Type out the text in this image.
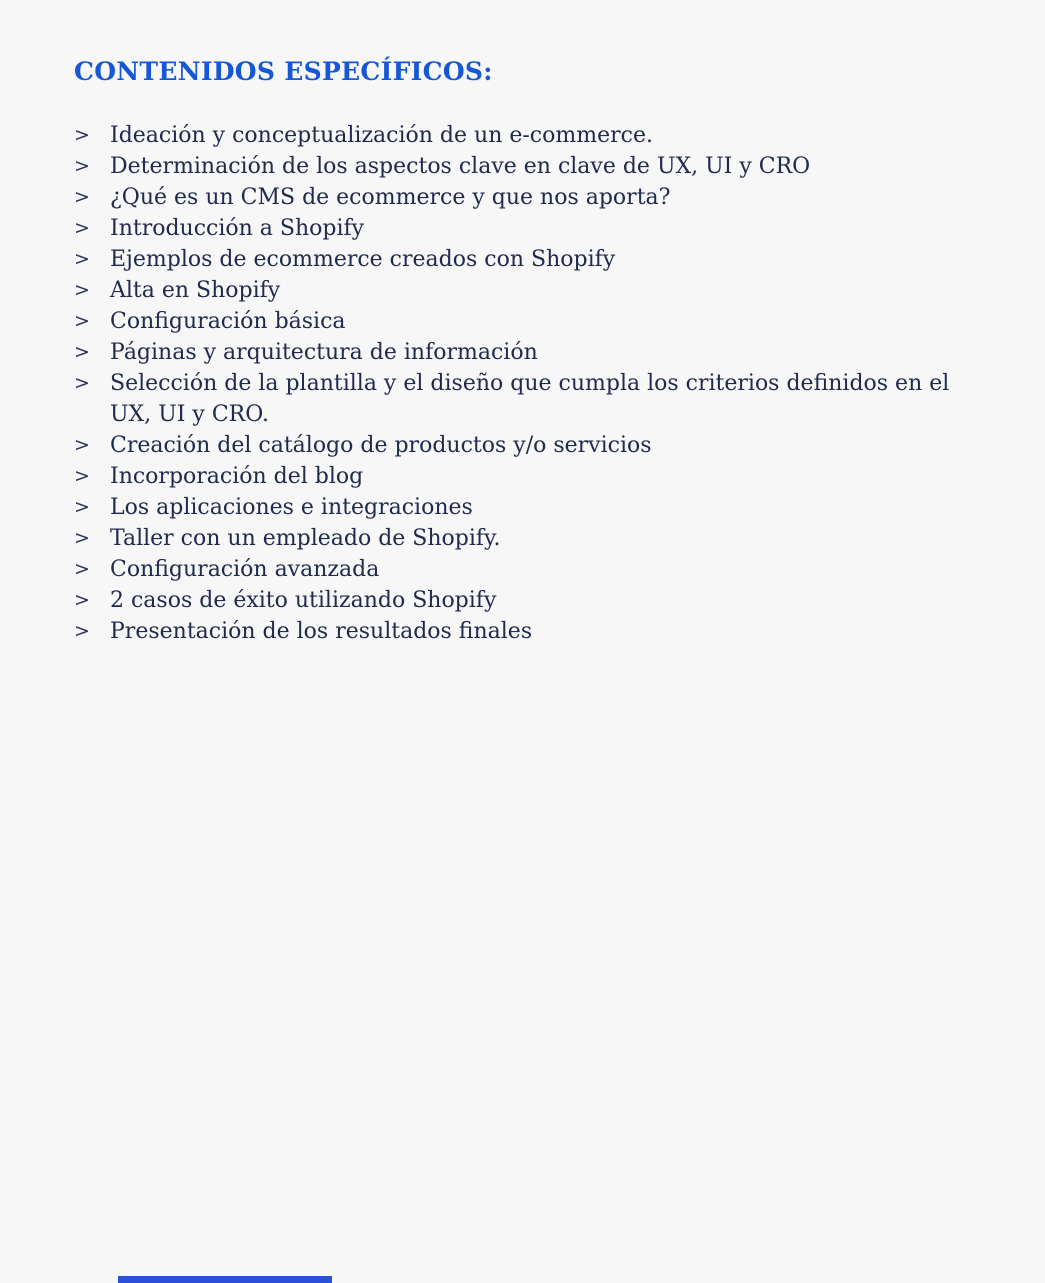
CONTENIDOS ESPECÍFICOS:
> Ideación y conceptualización de un e-commerce.
> Determinación de los aspectos clave en clave de UX, UI y CRO
> ¿Qué es un CMS de ecommerce y que nos aporta?
> Introducción a Shopify
> Ejemplos de ecommerce creados con Shopify
> Alta en Shopify
> Configuración básica
> Páginas y arquitectura de información
> Selección de la plantilla y el diseño que cumpla los criterios definidos en el UX, UI y CRO.
> Creación del catálogo de productos y/o servicios
> Incorporación del blog
> Los aplicaciones e integraciones
> Taller con un empleado de Shopify.
> Configuración avanzada
> 2 casos de éxito utilizando Shopify
> Presentación de los resultados finales
